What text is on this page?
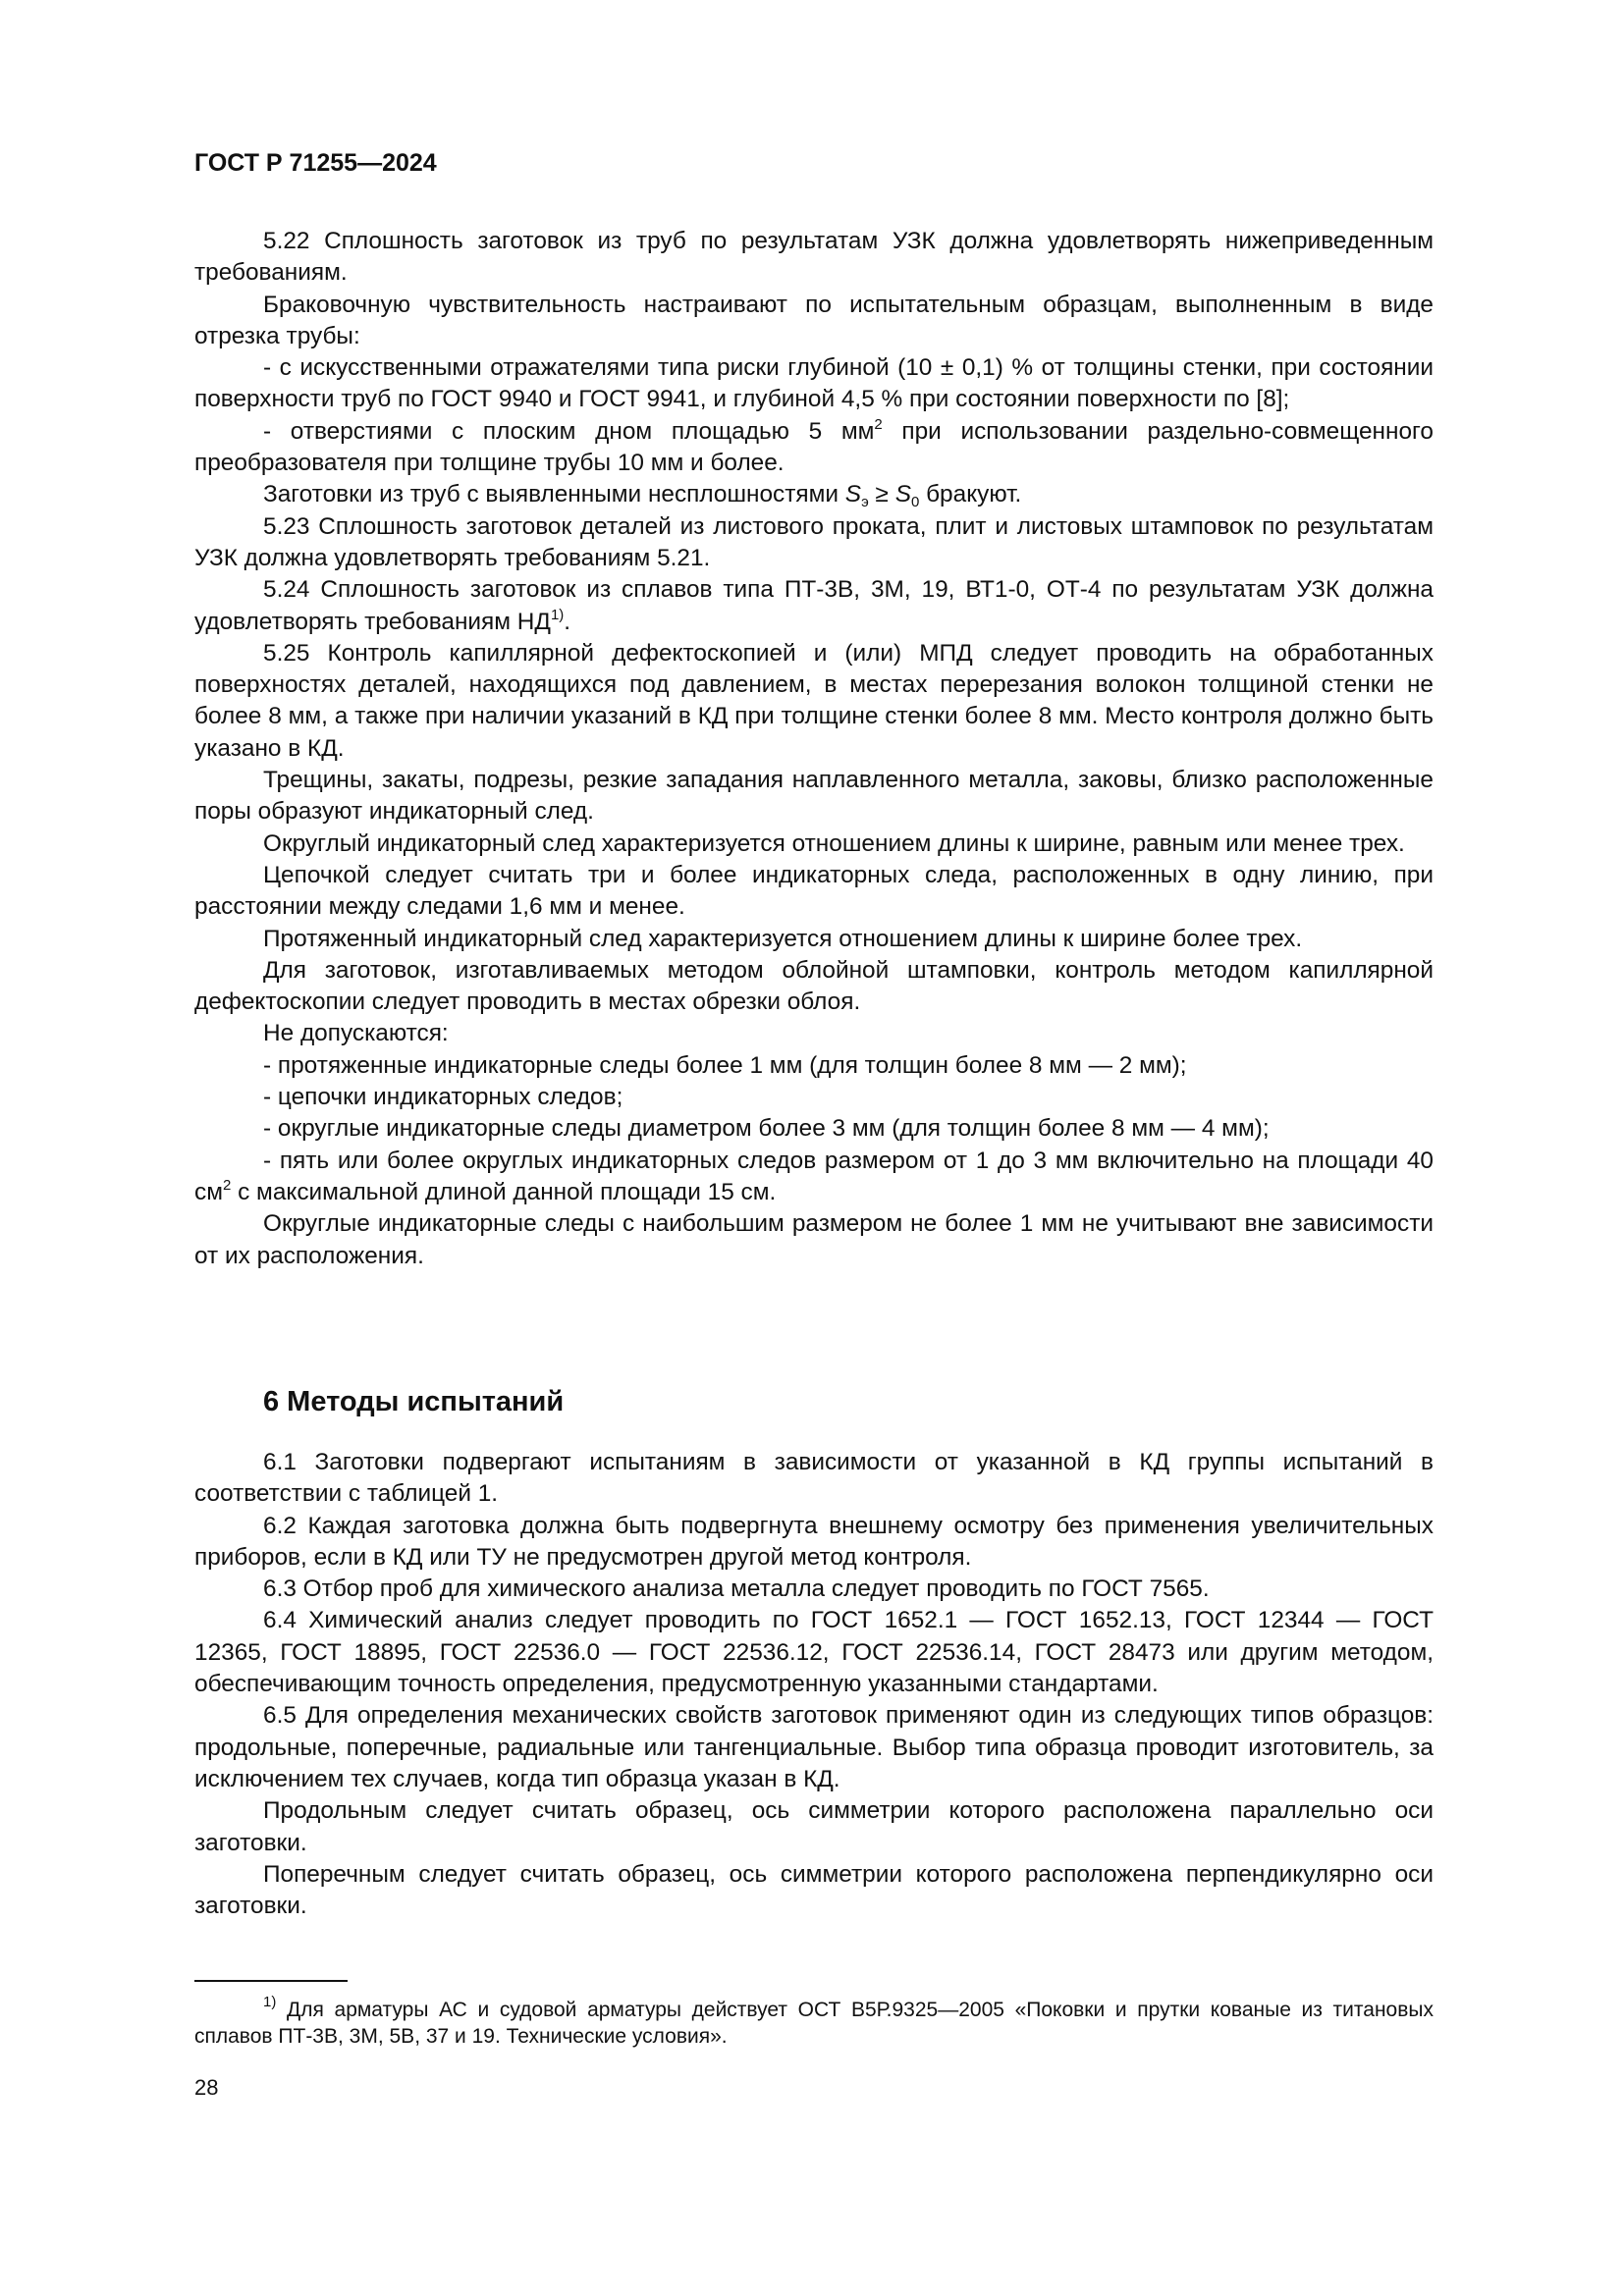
ГОСТ Р 71255—2024

5.22 Сплошность заготовок из труб по результатам УЗК должна удовлетворять нижеприведенным требованиям.

Браковочную чувствительность настраивают по испытательным образцам, выполненным в виде отрезка трубы:

- с искусственными отражателями типа риски глубиной (10 ± 0,1) % от толщины стенки, при состоянии поверхности труб по ГОСТ 9940 и ГОСТ 9941, и глубиной 4,5 % при состоянии поверхности по [8];

- отверстиями с плоским дном площадью 5 $мм^2$ при использовании раздельно-совмещенного преобразователя при толщине трубы 10 мм и более.

Заготовки из труб с выявленными несплошностями $S_э \ge S_0$ бракуют.

5.23 Сплошность заготовок деталей из листового проката, плит и листовых штамповок по результатам УЗК должна удовлетворять требованиям 5.21.

5.24 Сплошность заготовок из сплавов типа ПТ-3В, 3М, 19, ВТ1-0, ОТ-4 по результатам УЗК должна удовлетворять требованиям НД$^{1)}$.

5.25 Контроль капиллярной дефектоскопией и (или) МПД следует проводить на обработанных поверхностях деталей, находящихся под давлением, в местах перерезания волокон толщиной стенки не более 8 мм, а также при наличии указаний в КД при толщине стенки более 8 мм. Место контроля должно быть указано в КД.

Трещины, закаты, подрезы, резкие западания наплавленного металла, заковы, близко расположенные поры образуют индикаторный след.

Округлый индикаторный след характеризуется отношением длины к ширине, равным или менее трех.

Цепочкой следует считать три и более индикаторных следа, расположенных в одну линию, при расстоянии между следами 1,6 мм и менее.

Протяженный индикаторный след характеризуется отношением длины к ширине более трех.

Для заготовок, изготавливаемых методом облойной штамповки, контроль методом капиллярной дефектоскопии следует проводить в местах обрезки облоя.

Не допускаются:

- протяженные индикаторные следы более 1 мм (для толщин более 8 мм — 2 мм);

- цепочки индикаторных следов;

- округлые индикаторные следы диаметром более 3 мм (для толщин более 8 мм — 4 мм);

- пять или более округлых индикаторных следов размером от 1 до 3 мм включительно на площади 40 $см^2$ с максимальной длиной данной площади 15 см.

Округлые индикаторные следы с наибольшим размером не более 1 мм не учитывают вне зависимости от их расположения.

6 Методы испытаний

6.1 Заготовки подвергают испытаниям в зависимости от указанной в КД группы испытаний в соответствии с таблицей 1.

6.2 Каждая заготовка должна быть подвергнута внешнему осмотру без применения увеличительных приборов, если в КД или ТУ не предусмотрен другой метод контроля.

6.3 Отбор проб для химического анализа металла следует проводить по ГОСТ 7565.

6.4 Химический анализ следует проводить по ГОСТ 1652.1 — ГОСТ 1652.13, ГОСТ 12344 — ГОСТ 12365, ГОСТ 18895, ГОСТ 22536.0 — ГОСТ 22536.12, ГОСТ 22536.14, ГОСТ 28473 или другим методом, обеспечивающим точность определения, предусмотренную указанными стандартами.

6.5 Для определения механических свойств заготовок применяют один из следующих типов образцов: продольные, поперечные, радиальные или тангенциальные. Выбор типа образца проводит изготовитель, за исключением тех случаев, когда тип образца указан в КД.

Продольным следует считать образец, ось симметрии которого расположена параллельно оси заготовки.

Поперечным следует считать образец, ось симметрии которого расположена перпендикулярно оси заготовки.

$^{1)}$ Для арматуры АС и судовой арматуры действует ОСТ В5Р.9325—2005 «Поковки и прутки кованые из титановых сплавов ПТ-3В, 3М, 5В, 37 и 19. Технические условия».

28
